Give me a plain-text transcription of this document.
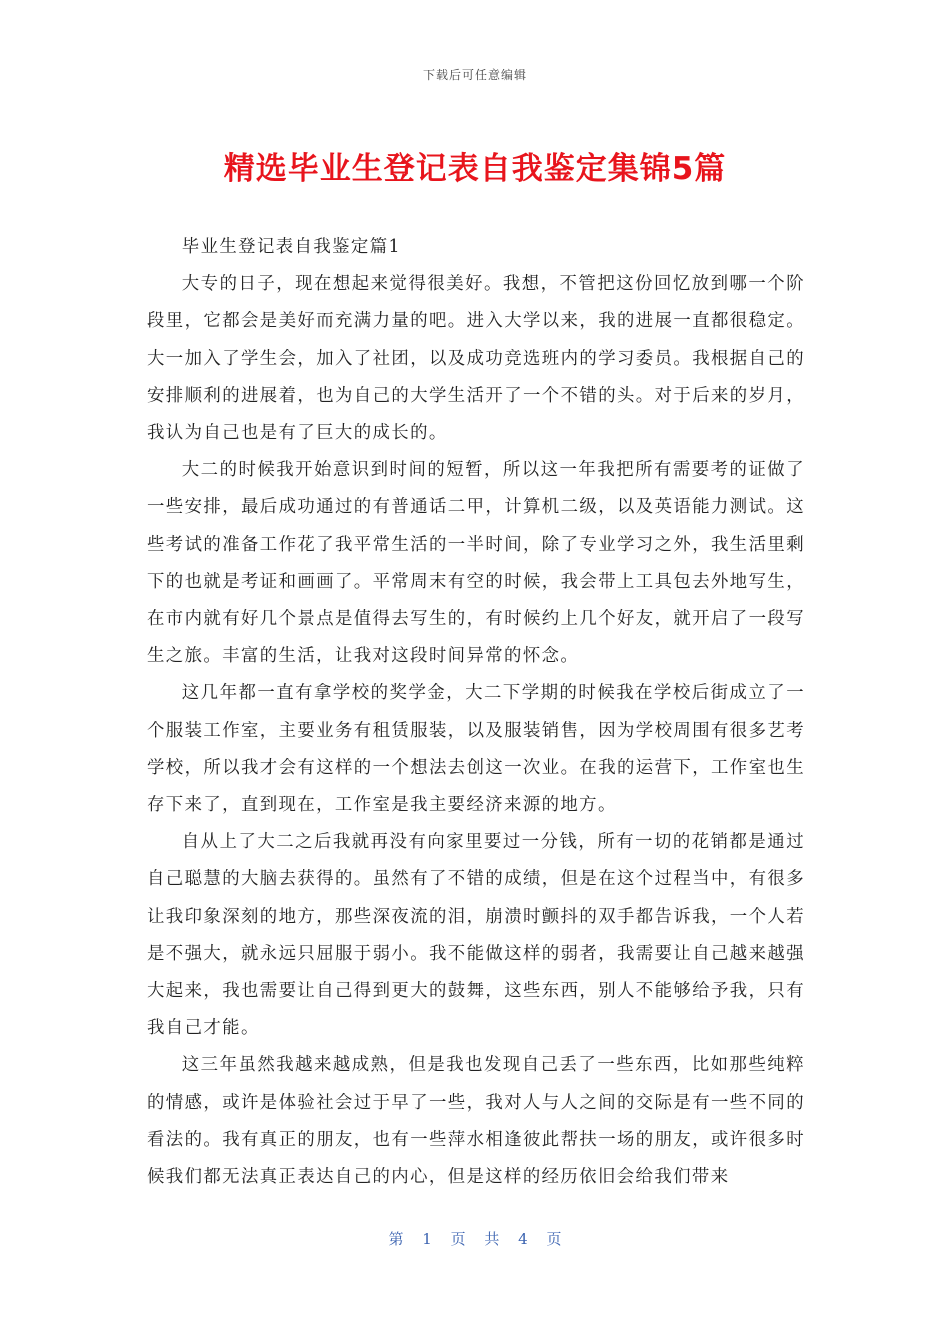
下载后可任意编辑
精选毕业生登记表自我鉴定集锦5篇

毕业生登记表自我鉴定篇1

大专的日子，现在想起来觉得很美好。我想，不管把这份回忆放到哪一个阶段里，它都会是美好而充满力量的吧。进入大学以来，我的进展一直都很稳定。大一加入了学生会，加入了社团，以及成功竞选班内的学习委员。我根据自己的安排顺利的进展着，也为自己的大学生活开了一个不错的头。对于后来的岁月，我认为自己也是有了巨大的成长的。

大二的时候我开始意识到时间的短暂，所以这一年我把所有需要考的证做了一些安排，最后成功通过的有普通话二甲，计算机二级，以及英语能力测试。这些考试的准备工作花了我平常生活的一半时间，除了专业学习之外，我生活里剩下的也就是考证和画画了。平常周末有空的时候，我会带上工具包去外地写生，在市内就有好几个景点是值得去写生的，有时候约上几个好友，就开启了一段写生之旅。丰富的生活，让我对这段时间异常的怀念。

这几年都一直有拿学校的奖学金，大二下学期的时候我在学校后街成立了一个服装工作室，主要业务有租赁服装，以及服装销售，因为学校周围有很多艺考学校，所以我才会有这样的一个想法去创这一次业。在我的运营下，工作室也生存下来了，直到现在，工作室是我主要经济来源的地方。

自从上了大二之后我就再没有向家里要过一分钱，所有一切的花销都是通过自己聪慧的大脑去获得的。虽然有了不错的成绩，但是在这个过程当中，有很多让我印象深刻的地方，那些深夜流的泪，崩溃时颤抖的双手都告诉我，一个人若是不强大，就永远只屈服于弱小。我不能做这样的弱者，我需要让自己越来越强大起来，我也需要让自己得到更大的鼓舞，这些东西，别人不能够给予我，只有我自己才能。

这三年虽然我越来越成熟，但是我也发现自己丢了一些东西，比如那些纯粹的情感，或许是体验社会过于早了一些，我对人与人之间的交际是有一些不同的看法的。我有真正的朋友，也有一些萍水相逢彼此帮扶一场的朋友，或许很多时候我们都无法真正表达自己的内心，但是这样的经历依旧会给我们带来

第 1 页 共 4 页
